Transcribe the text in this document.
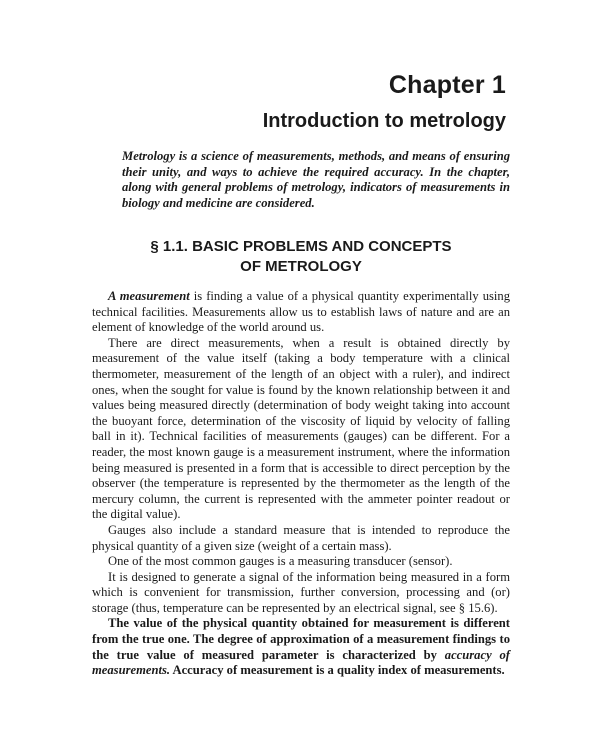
Chapter 1
Introduction to metrology

Metrology is a science of measurements, methods, and means of ensuring their unity, and ways to achieve the required accuracy. In the chapter, along with general problems of metrology, indicators of measurements in biology and medicine are considered.

§ 1.1. BASIC PROBLEMS AND CONCEPTS
OF METROLOGY

A measurement is finding a value of a physical quantity experimentally using technical facilities. Measurements allow us to establish laws of nature and are an element of knowledge of the world around us.

There are direct measurements, when a result is obtained directly by measurement of the value itself (taking a body temperature with a clinical thermometer, measurement of the length of an object with a ruler), and indirect ones, when the sought for value is found by the known relationship between it and values being measured directly (determination of body weight taking into account the buoyant force, determination of the viscosity of liquid by velocity of falling ball in it). Technical facilities of measurements (gauges) can be different. For a reader, the most known gauge is a measurement instrument, where the information being measured is presented in a form that is accessible to direct perception by the observer (the temperature is represented by the thermometer as the length of the mercury column, the current is represented with the ammeter pointer readout or the digital value).

Gauges also include a standard measure that is intended to reproduce the physical quantity of a given size (weight of a certain mass).

One of the most common gauges is a measuring transducer (sensor).

It is designed to generate a signal of the information being measured in a form which is convenient for transmission, further conversion, processing and (or) storage (thus, temperature can be represented by an electrical signal, see § 15.6).

The value of the physical quantity obtained for measurement is different from the true one. The degree of approximation of a measurement findings to the true value of measured parameter is characterized by accuracy of measurements. Accuracy of measurement is a quality index of measurements.
